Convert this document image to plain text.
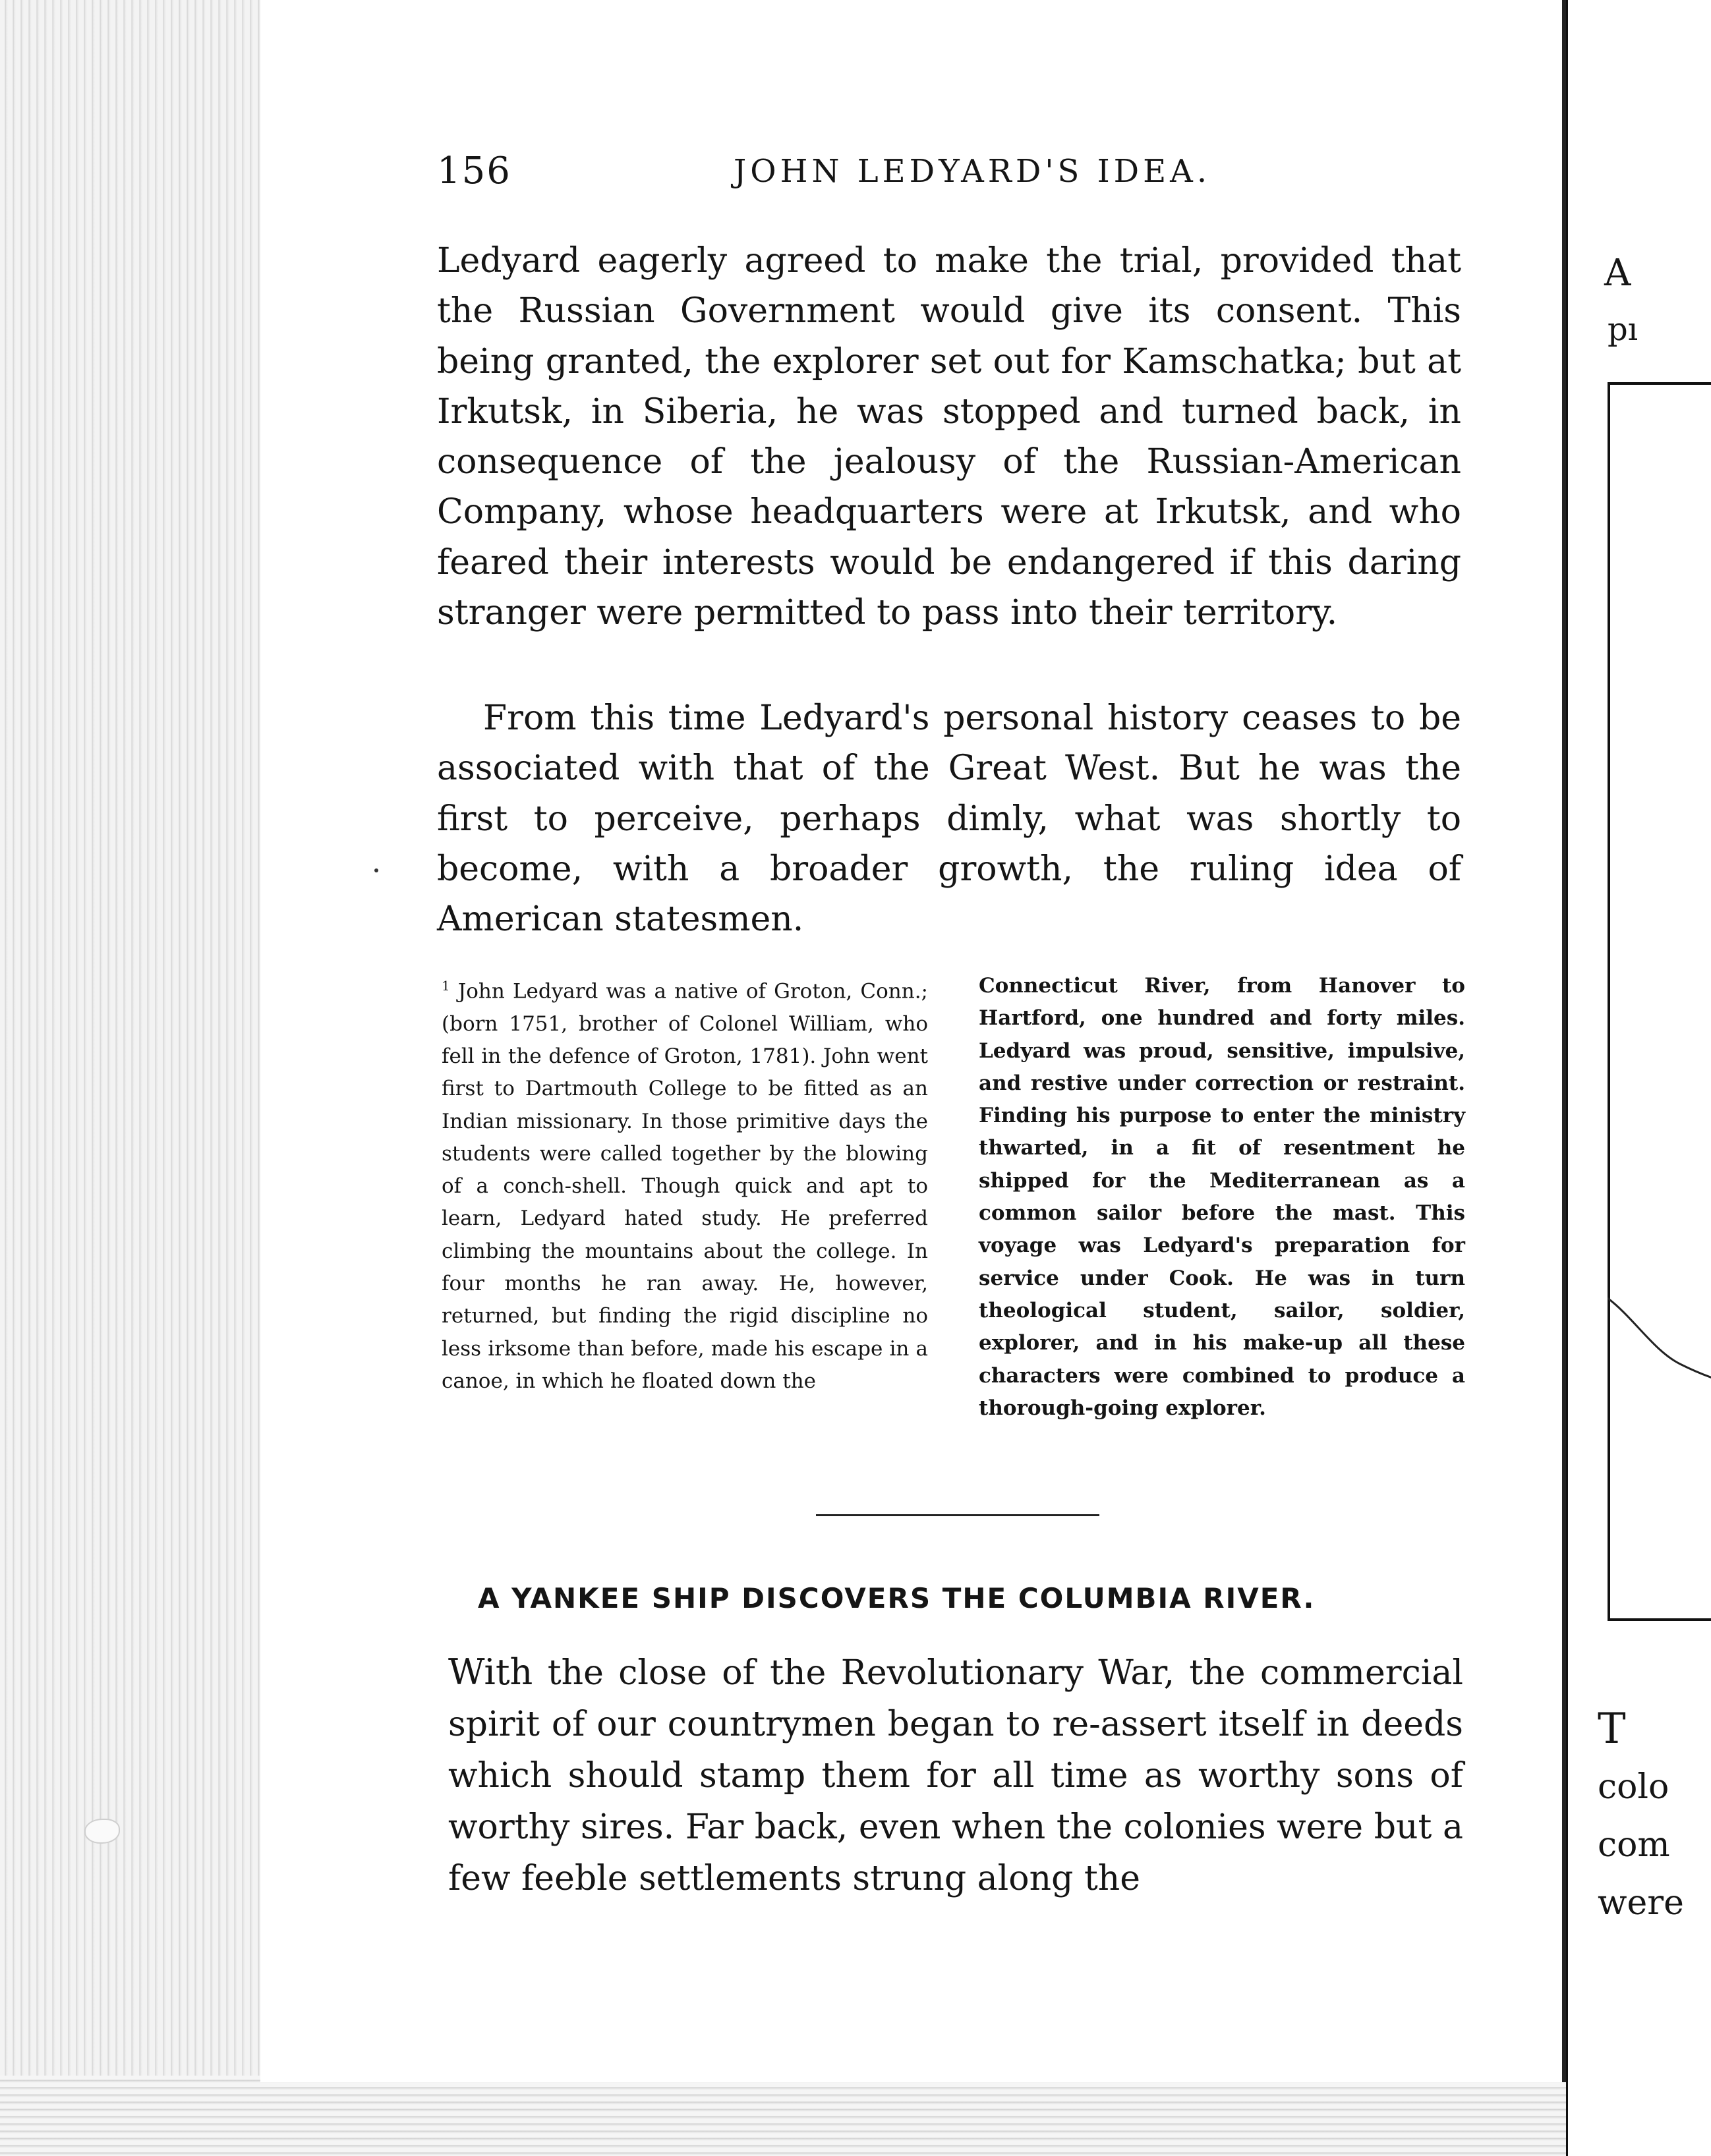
156	JOHN LEDYARD'S IDEA.

Ledyard eagerly agreed to make the trial, provided that the Russian Government would give its consent. This being granted, the explorer set out for Kamschatka; but at Irkutsk, in Siberia, he was stopped and turned back, in consequence of the jealousy of the Russian-American Company, whose headquarters were at Irkutsk, and who feared their interests would be endangered if this daring stranger were permitted to pass into their territory.

From this time Ledyard's personal history ceases to be associated with that of the Great West. But he was the first to perceive, perhaps dimly, what was shortly to become, with a broader growth, the ruling idea of American statesmen.

$^1$ John Ledyard was a native of Groton, Conn.; (born 1751, brother of Colonel William, who fell in the defence of Groton, 1781). John went first to Dartmouth College to be fitted as an Indian missionary. In those primitive days the students were called together by the blowing of a conch-shell. Though quick and apt to learn, Ledyard hated study. He preferred climbing the mountains about the college. In four months he ran away. He, however, returned, but finding the rigid discipline no less irksome than before, made his escape in a canoe, in which he floated down the

Connecticut River, from Hanover to Hartford, one hundred and forty miles. Ledyard was proud, sensitive, impulsive, and restive under correction or restraint. Finding his purpose to enter the ministry thwarted, in a fit of resentment he shipped for the Mediterranean as a common sailor before the mast. This voyage was Ledyard's preparation for service under Cook. He was in turn theological student, sailor, soldier, explorer, and in his make-up all these characters were combined to produce a thorough-going explorer.

A YANKEE SHIP DISCOVERS THE COLUMBIA RIVER.

With the close of the Revolutionary War, the commercial spirit of our countrymen began to re-assert itself in deeds which should stamp them for all time as worthy sons of worthy sires. Far back, even when the colonies were but a few feeble settlements strung along the

A
pı
T
colo
com
were
